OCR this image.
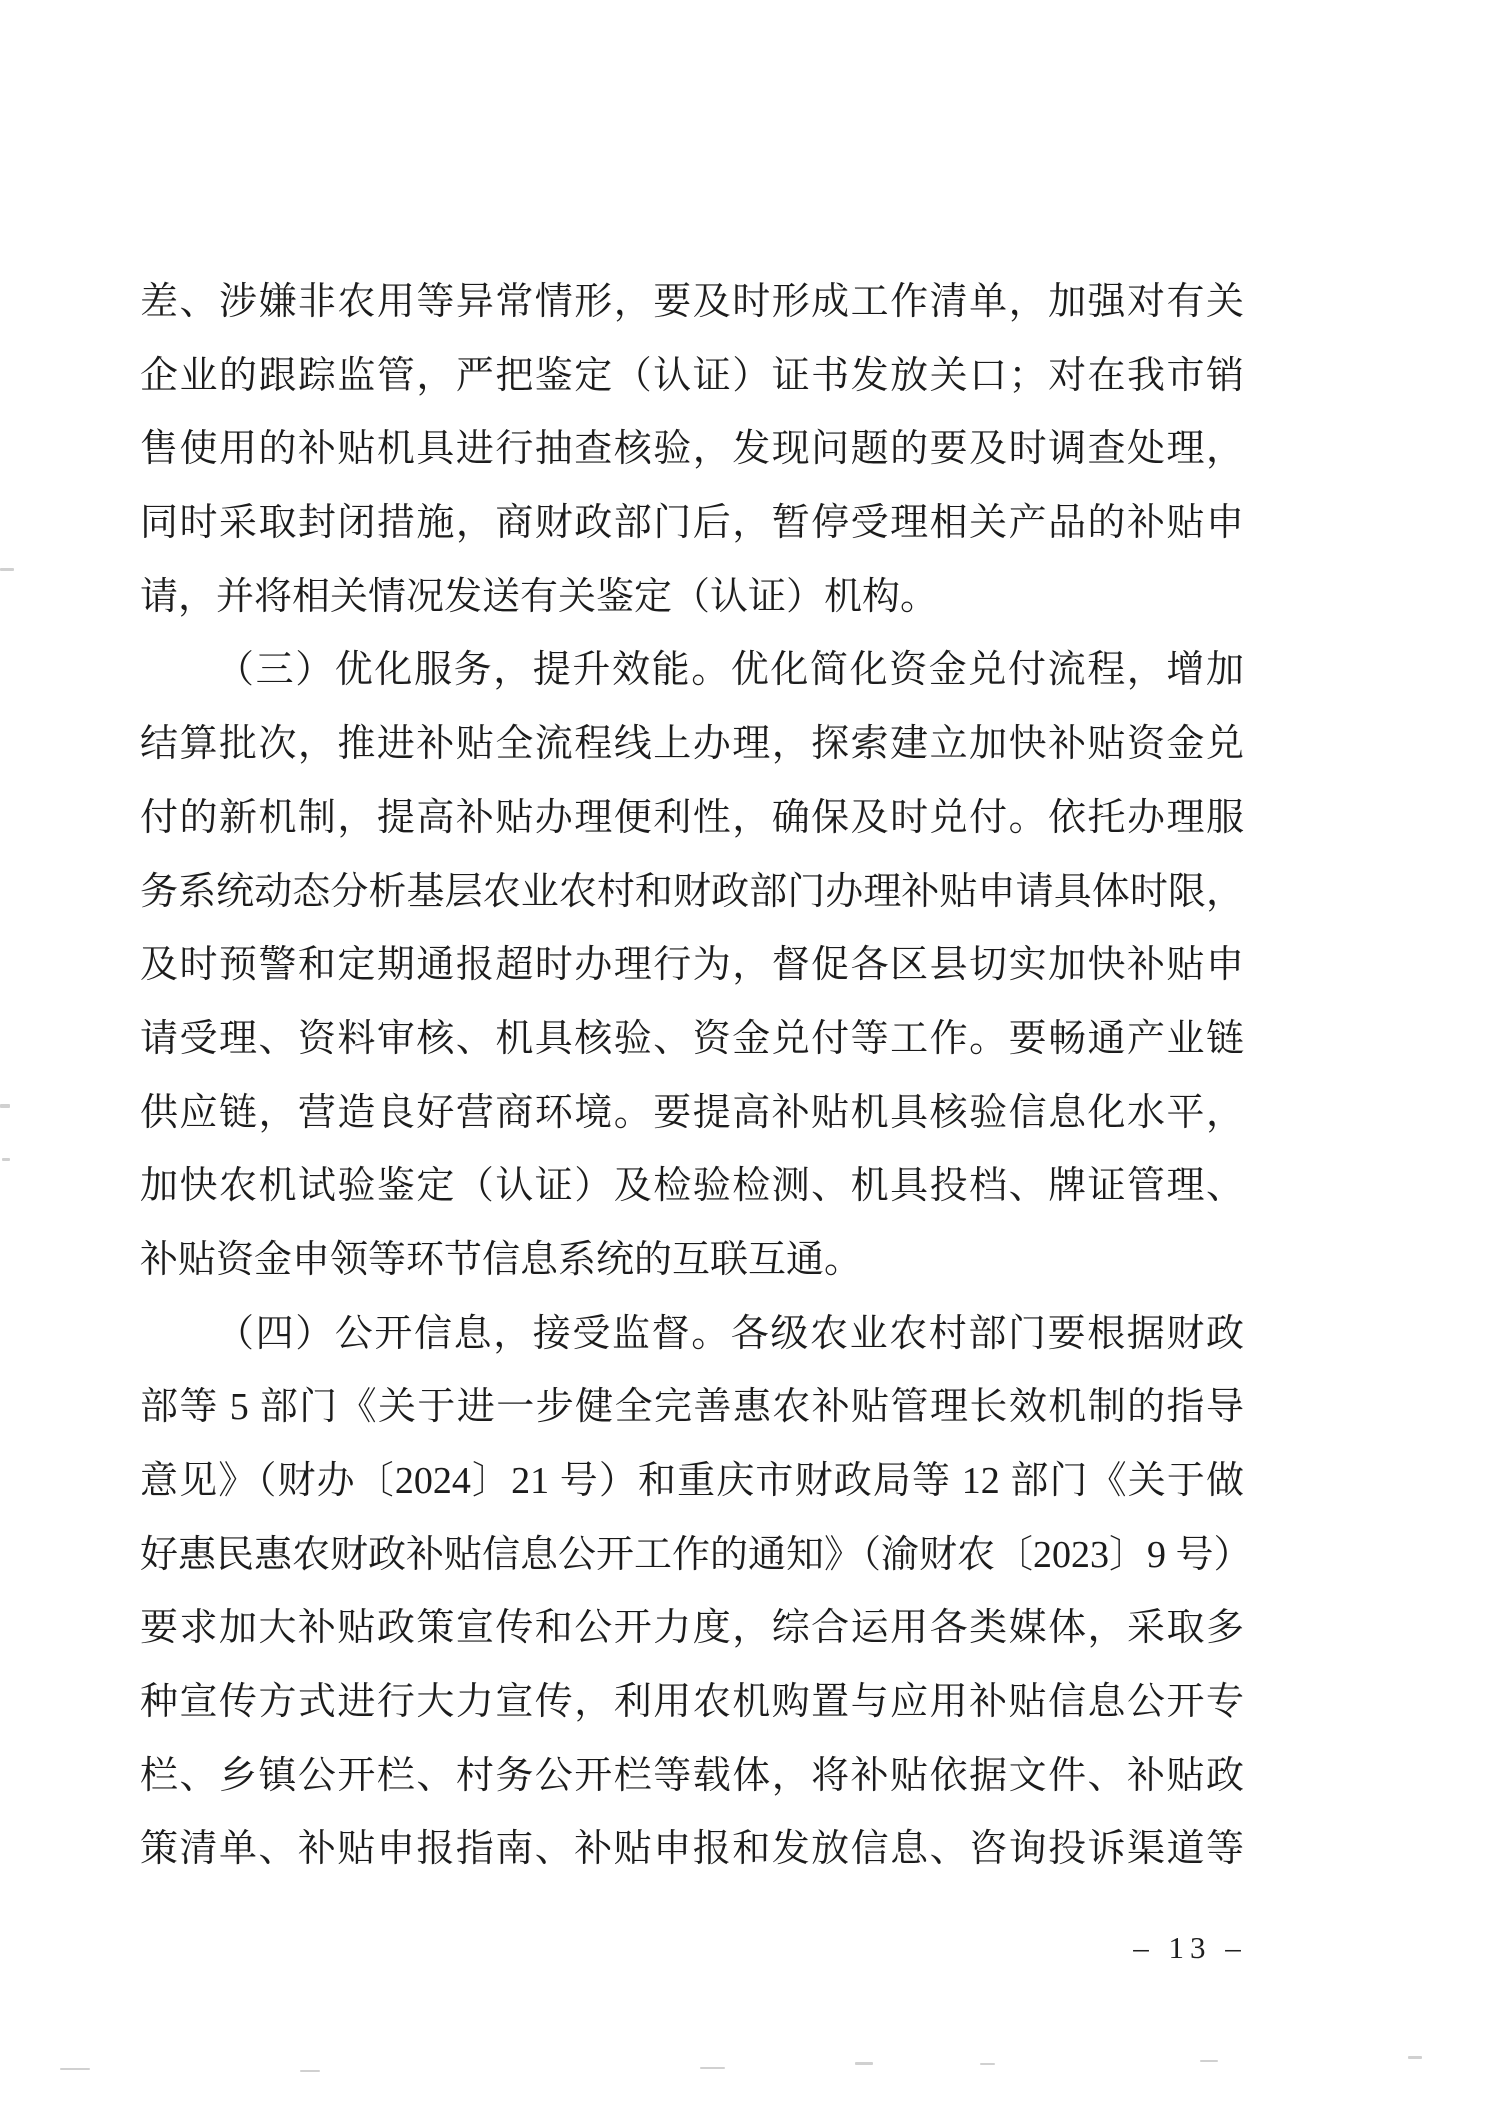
差、涉嫌非农用等异常情形，要及时形成工作清单，加强对有关
企业的跟踪监管，严把鉴定（认证）证书发放关口；对在我市销
售使用的补贴机具进行抽查核验，发现问题的要及时调查处理，
同时采取封闭措施，商财政部门后，暂停受理相关产品的补贴申
请，并将相关情况发送有关鉴定（认证）机构。
（三）优化服务，提升效能。优化简化资金兑付流程，增加
结算批次，推进补贴全流程线上办理，探索建立加快补贴资金兑
付的新机制，提高补贴办理便利性，确保及时兑付。依托办理服
务系统动态分析基层农业农村和财政部门办理补贴申请具体时限，
及时预警和定期通报超时办理行为，督促各区县切实加快补贴申
请受理、资料审核、机具核验、资金兑付等工作。要畅通产业链
供应链，营造良好营商环境。要提高补贴机具核验信息化水平，
加快农机试验鉴定（认证）及检验检测、机具投档、牌证管理、
补贴资金申领等环节信息系统的互联互通。
（四）公开信息，接受监督。各级农业农村部门要根据财政
部等 5 部门《关于进一步健全完善惠农补贴管理长效机制的指导
意见》（财办〔2024〕21 号）和重庆市财政局等 12 部门《关于做
好惠民惠农财政补贴信息公开工作的通知》（渝财农〔2023〕9 号）
要求加大补贴政策宣传和公开力度，综合运用各类媒体，采取多
种宣传方式进行大力宣传，利用农机购置与应用补贴信息公开专
栏、乡镇公开栏、村务公开栏等载体，将补贴依据文件、补贴政
策清单、补贴申报指南、补贴申报和发放信息、咨询投诉渠道等
– 13 –
